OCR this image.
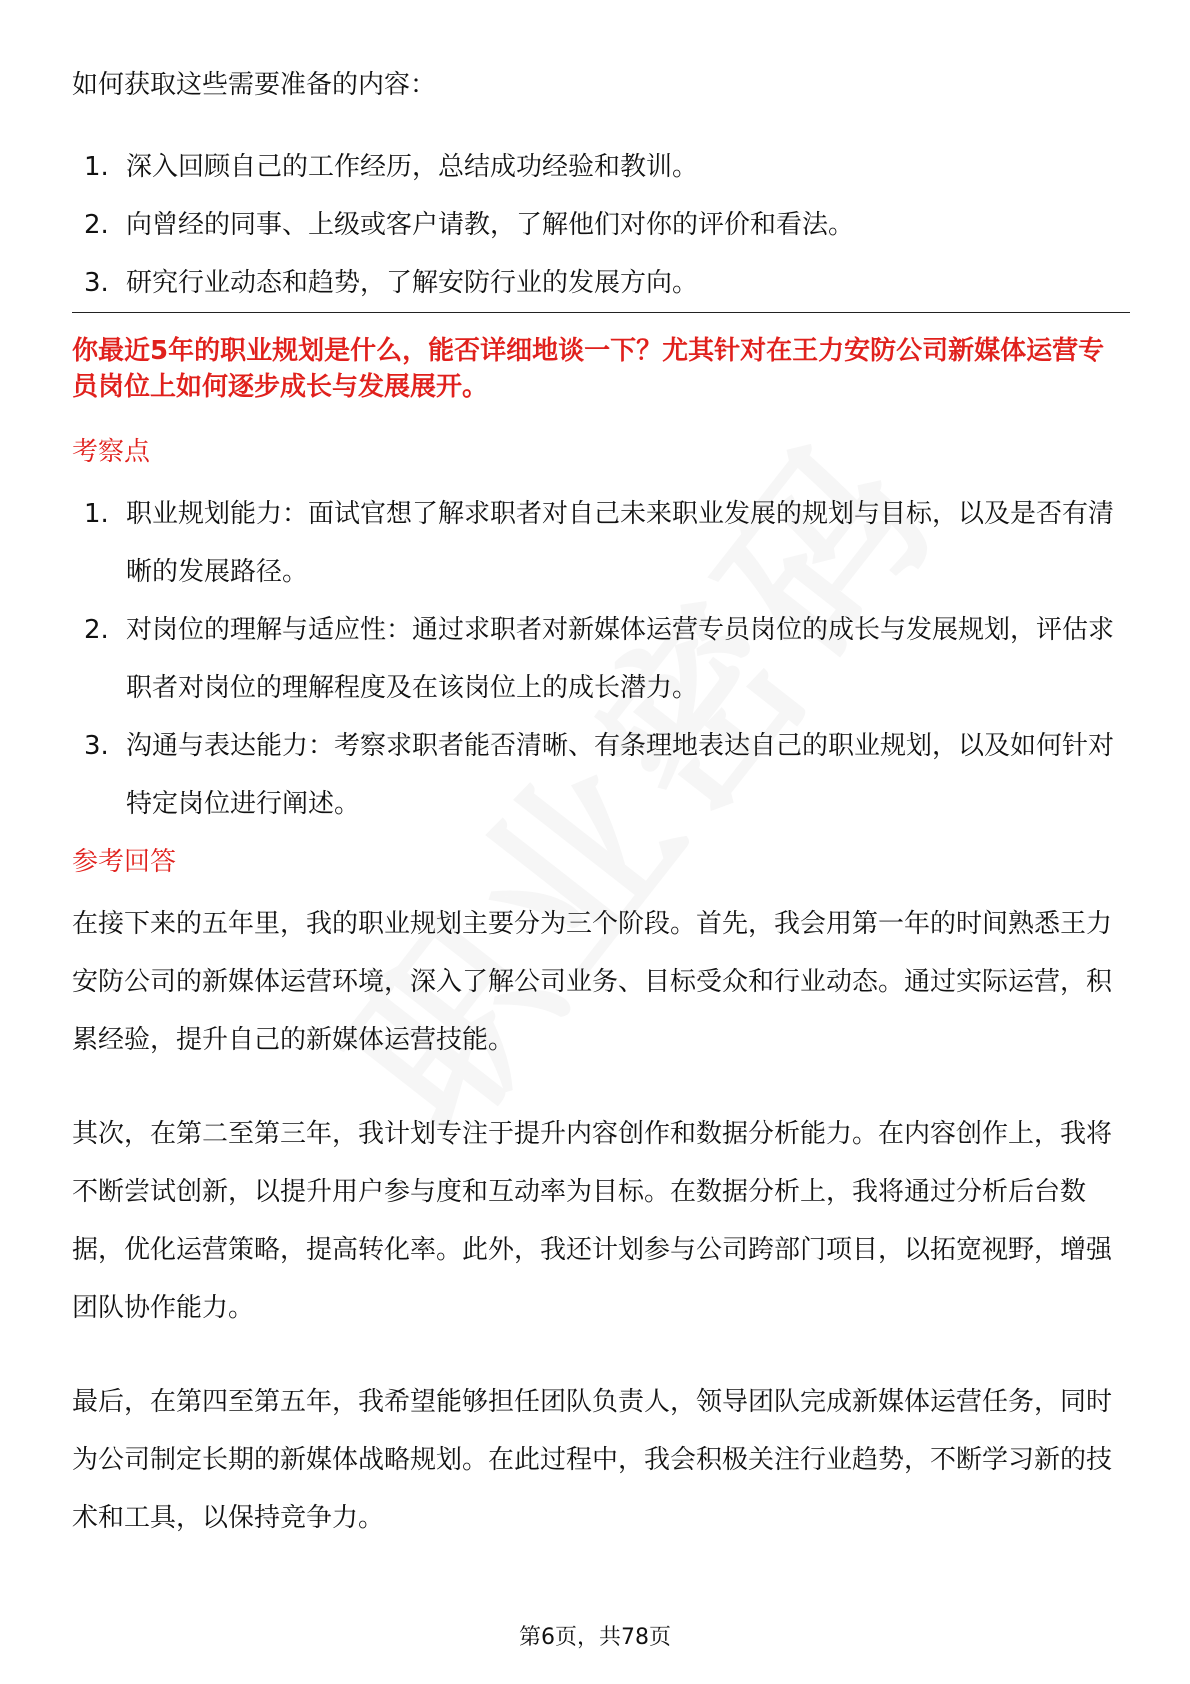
如何获取这些需要准备的内容：

1. 深入回顾自己的工作经历，总结成功经验和教训。
2. 向曾经的同事、上级或客户请教，了解他们对你的评价和看法。
3. 研究行业动态和趋势，了解安防行业的发展方向。

你最近5年的职业规划是什么，能否详细地谈一下？尤其针对在王力安防公司新媒体运营专员岗位上如何逐步成长与发展展开。

考察点

1. 职业规划能力：面试官想了解求职者对自己未来职业发展的规划与目标，以及是否有清晰的发展路径。
2. 对岗位的理解与适应性：通过求职者对新媒体运营专员岗位的成长与发展规划，评估求职者对岗位的理解程度及在该岗位上的成长潜力。
3. 沟通与表达能力：考察求职者能否清晰、有条理地表达自己的职业规划，以及如何针对特定岗位进行阐述。

参考回答

在接下来的五年里，我的职业规划主要分为三个阶段。首先，我会用第一年的时间熟悉王力安防公司的新媒体运营环境，深入了解公司业务、目标受众和行业动态。通过实际运营，积累经验，提升自己的新媒体运营技能。

其次，在第二至第三年，我计划专注于提升内容创作和数据分析能力。在内容创作上，我将不断尝试创新，以提升用户参与度和互动率为目标。在数据分析上，我将通过分析后台数据，优化运营策略，提高转化率。此外，我还计划参与公司跨部门项目，以拓宽视野，增强团队协作能力。

最后，在第四至第五年，我希望能够担任团队负责人，领导团队完成新媒体运营任务，同时为公司制定长期的新媒体战略规划。在此过程中，我会积极关注行业趋势，不断学习新的技术和工具，以保持竞争力。

第6页，共78页
